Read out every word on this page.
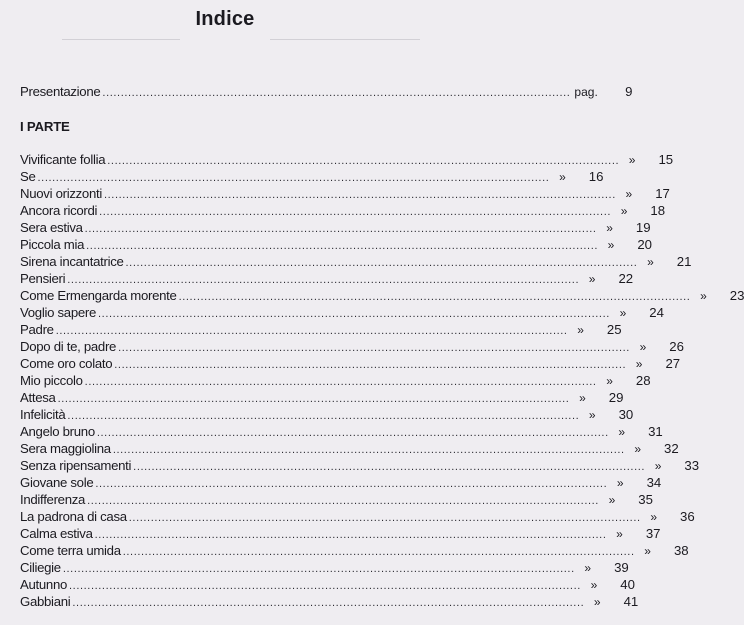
Indice
Presentazione ................................................................................................................................ pag.	9
I PARTE
Vivificante follia ............................................................................................................................................ »	15
Se ............................................................................................................................................ »	16
Nuovi orizzonti ............................................................................................................................................ »	17
Ancora ricordi ............................................................................................................................................ »	18
Sera estiva ............................................................................................................................................ »	19
Piccola mia ............................................................................................................................................ »	20
Sirena incantatrice ............................................................................................................................................ »	21
Pensieri ............................................................................................................................................ »	22
Come Ermengarda morente ............................................................................................................................................ »	23
Voglio sapere ............................................................................................................................................ »	24
Padre ............................................................................................................................................ »	25
Dopo di te, padre ............................................................................................................................................ »	26
Come oro colato ............................................................................................................................................ »	27
Mio piccolo ............................................................................................................................................ »	28
Attesa ............................................................................................................................................ »	29
Infelicità ............................................................................................................................................ »	30
Angelo bruno ............................................................................................................................................ »	31
Sera maggiolina ............................................................................................................................................ »	32
Senza ripensamenti ............................................................................................................................................ »	33
Giovane sole ............................................................................................................................................ »	34
Indifferenza ............................................................................................................................................ »	35
La padrona di casa ............................................................................................................................................ »	36
Calma estiva ............................................................................................................................................ »	37
Come terra umida ............................................................................................................................................ »	38
Ciliegie ............................................................................................................................................ »	39
Autunno ............................................................................................................................................ »	40
Gabbiani ............................................................................................................................................ »	41
